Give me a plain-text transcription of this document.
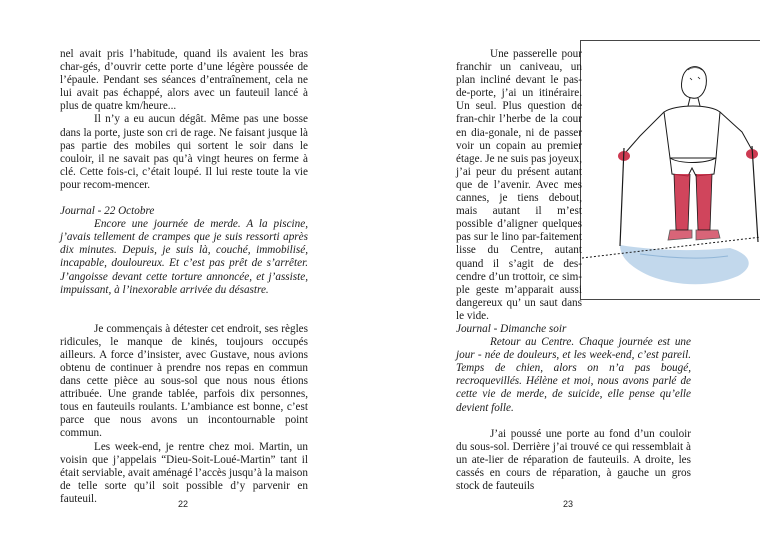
nel avait pris l’habitude, quand ils avaient les bras char-gés, d’ouvrir cette porte d’une légère poussée de l’épaule. Pendant ses séances d’entraînement, cela ne lui avait pas échappé, alors avec un fauteuil lancé à plus de quatre km/heure...

Il n’y a eu aucun dégât. Même pas une bosse dans la porte, juste son cri de rage. Ne faisant jusque là pas partie des mobiles qui sortent le soir dans le couloir, il ne savait pas qu’à vingt heures on ferme à clé. Cette fois-ci, c’était loupé. Il lui reste toute la vie pour recom-mencer.

Journal - 22 Octobre

Encore une journée de merde. A la piscine, j’avais tellement de crampes que je suis ressorti après dix minutes. Depuis, je suis là, couché, immobilisé, incapable, douloureux. Et c’est pas prêt de s’arrêter. J’angoisse devant cette torture annoncée, et j’assiste, impuissant, à l’inexorable arrivée du désastre.

Je commençais à détester cet endroit, ses règles ridicules, le manque de kinés, toujours occupés ailleurs. A force d’insister, avec Gustave, nous avions obtenu de continuer à prendre nos repas en commun dans cette pièce au sous-sol que nous nous étions attribuée. Une grande tablée, parfois dix personnes, tous en fauteuils roulants. L’ambiance est bonne, c’est parce que nous avons un incontournable point commun.

Les week-end, je rentre chez moi. Martin, un voisin que j’appelais “Dieu-Soit-Loué-Martin” tant il était serviable, avait aménagé l’accès jusqu’à la maison de telle sorte qu’il soit possible d’y parvenir en fauteuil.	22

Une passerelle pour franchir un caniveau, un plan incliné devant le pas-de-porte, j’ai un itinéraire. Un seul. Plus question de fran-chir l’herbe de la cour en dia-gonale, ni de passer voir un copain au premier étage. Je ne suis pas joyeux, j’ai peur du présent autant que de l’avenir. Avec mes cannes, je tiens debout, mais autant il m’est possible d’aligner quelques pas sur le lino par-faitement lisse du Centre, autant quand il s’agit de des-cendre d’un trottoir, ce sim-ple geste m’apparait aussi dangereux qu’ un saut dans le vide.

Journal - Dimanche soir

Retour au Centre. Chaque journée est une jour - née de douleurs, et les week-end, c’est pareil. Temps de chien, alors on n’a pas bougé, recroquevillés. Hélène et moi, nous avons parlé de cette vie de merde, de suicide, elle pense qu’elle devient folle.

J’ai poussé une porte au fond d’un couloir du sous-sol. Derrière j’ai trouvé ce qui ressemblait à un ate-lier de réparation de fauteuils. A droite, les cassés en cours de réparation, à gauche un gros stock de fauteuils

23
